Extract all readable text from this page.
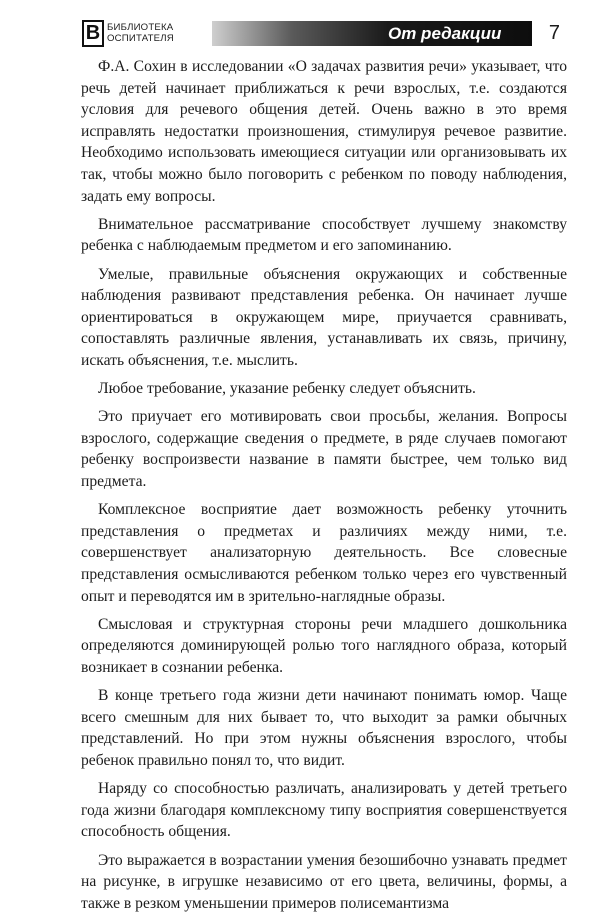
В БИБЛИОТЕКА
ОСПИТАТЕЛЯ	От редакции 7

Ф.А. Сохин в исследовании «О задачах развития речи» указывает, что речь детей начинает приближаться к речи взрослых, т.е. создаются условия для речевого общения детей. Очень важно в это время исправлять недостатки произношения, стимулируя речевое развитие. Необходимо использовать имеющиеся ситуации или организовывать их так, чтобы можно было поговорить с ребенком по поводу наблюдения, задать ему вопросы.

Внимательное рассматривание способствует лучшему знакомству ребенка с наблюдаемым предметом и его запоминанию.

Умелые, правильные объяснения окружающих и собственные наблюдения развивают представления ребенка. Он начинает лучше ориентироваться в окружающем мире, приучается сравнивать, сопоставлять различные явления, устанавливать их связь, причину, искать объяснения, т.е. мыслить.

Любое требование, указание ребенку следует объяснить.

Это приучает его мотивировать свои просьбы, желания. Вопросы взрослого, содержащие сведения о предмете, в ряде случаев помогают ребенку воспроизвести название в памяти быстрее, чем только вид предмета.

Комплексное восприятие дает возможность ребенку уточнить представления о предметах и различиях между ними, т.е. совершенствует анализаторную деятельность. Все словесные представления осмысливаются ребенком только через его чувственный опыт и переводятся им в зрительно-наглядные образы.

Смысловая и структурная стороны речи младшего дошкольника определяются доминирующей ролью того наглядного образа, который возникает в сознании ребенка.

В конце третьего года жизни дети начинают понимать юмор. Чаще всего смешным для них бывает то, что выходит за рамки обычных представлений. Но при этом нужны объяснения взрослого, чтобы ребенок правильно понял то, что видит.

Наряду со способностью различать, анализировать у детей третьего года жизни благодаря комплексному типу восприятия совершенствуется способность общения.

Это выражается в возрастании умения безошибочно узнавать предмет на рисунке, в игрушке независимо от его цвета, величины, формы, а также в резком уменьшении примеров полисемантизма
